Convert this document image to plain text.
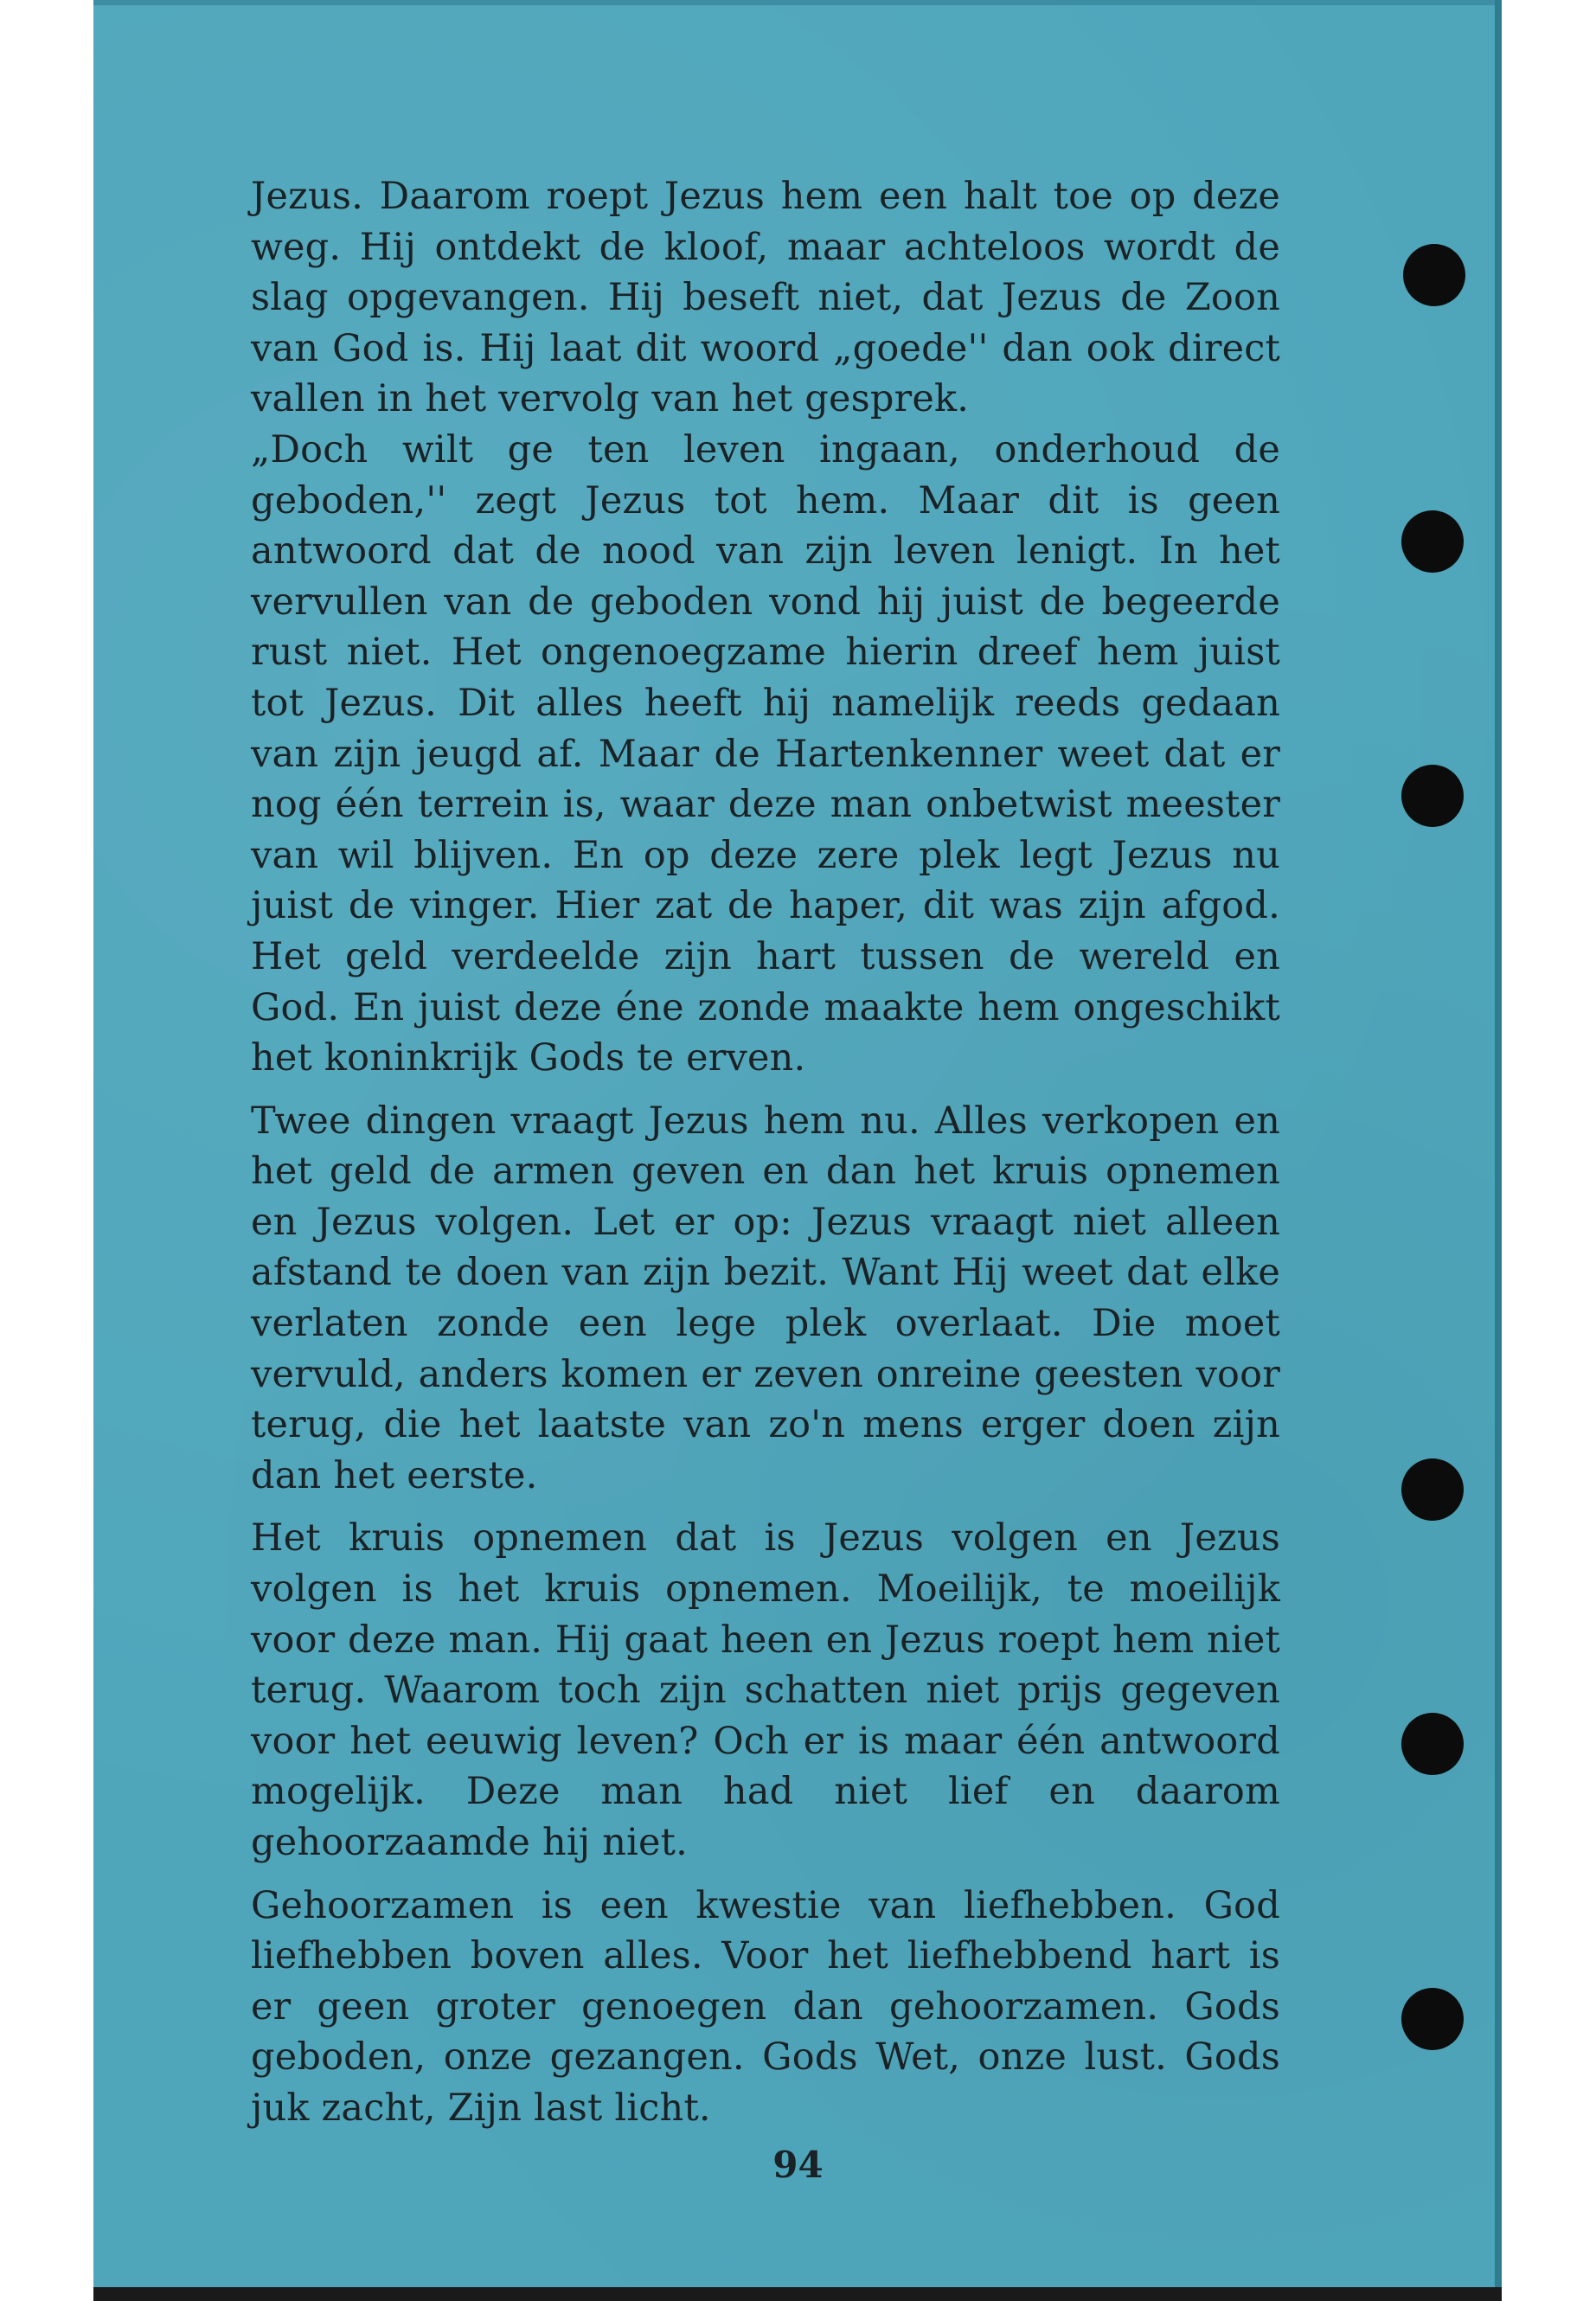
Jezus. Daarom roept Jezus hem een halt toe op deze weg. Hij ontdekt de kloof, maar achteloos wordt de slag opgevangen. Hij beseft niet, dat Jezus de Zoon van God is. Hij laat dit woord „goede'' dan ook direct vallen in het vervolg van het gesprek.

„Doch wilt ge ten leven ingaan, onderhoud de geboden,'' zegt Jezus tot hem. Maar dit is geen antwoord dat de nood van zijn leven lenigt. In het vervullen van de geboden vond hij juist de begeerde rust niet. Het ongenoegzame hierin dreef hem juist tot Jezus. Dit alles heeft hij namelijk reeds gedaan van zijn jeugd af. Maar de Hartenkenner weet dat er nog één terrein is, waar deze man onbetwist meester van wil blijven. En op deze zere plek legt Jezus nu juist de vinger. Hier zat de haper, dit was zijn afgod. Het geld verdeelde zijn hart tussen de wereld en God. En juist deze éne zonde maakte hem ongeschikt het koninkrijk Gods te erven.

Twee dingen vraagt Jezus hem nu. Alles verkopen en het geld de armen geven en dan het kruis opnemen en Jezus volgen. Let er op: Jezus vraagt niet alleen afstand te doen van zijn bezit. Want Hij weet dat elke verlaten zonde een lege plek overlaat. Die moet vervuld, anders komen er zeven onreine geesten voor terug, die het laatste van zo'n mens erger doen zijn dan het eerste.

Het kruis opnemen dat is Jezus volgen en Jezus volgen is het kruis opnemen. Moeilijk, te moeilijk voor deze man. Hij gaat heen en Jezus roept hem niet terug. Waarom toch zijn schatten niet prijs gegeven voor het eeuwig leven? Och er is maar één antwoord mogelijk. Deze man had niet lief en daarom gehoorzaamde hij niet.

Gehoorzamen is een kwestie van liefhebben. God liefhebben boven alles. Voor het liefhebbend hart is er geen groter genoegen dan gehoorzamen. Gods geboden, onze gezangen. Gods Wet, onze lust. Gods juk zacht, Zijn last licht.

94
